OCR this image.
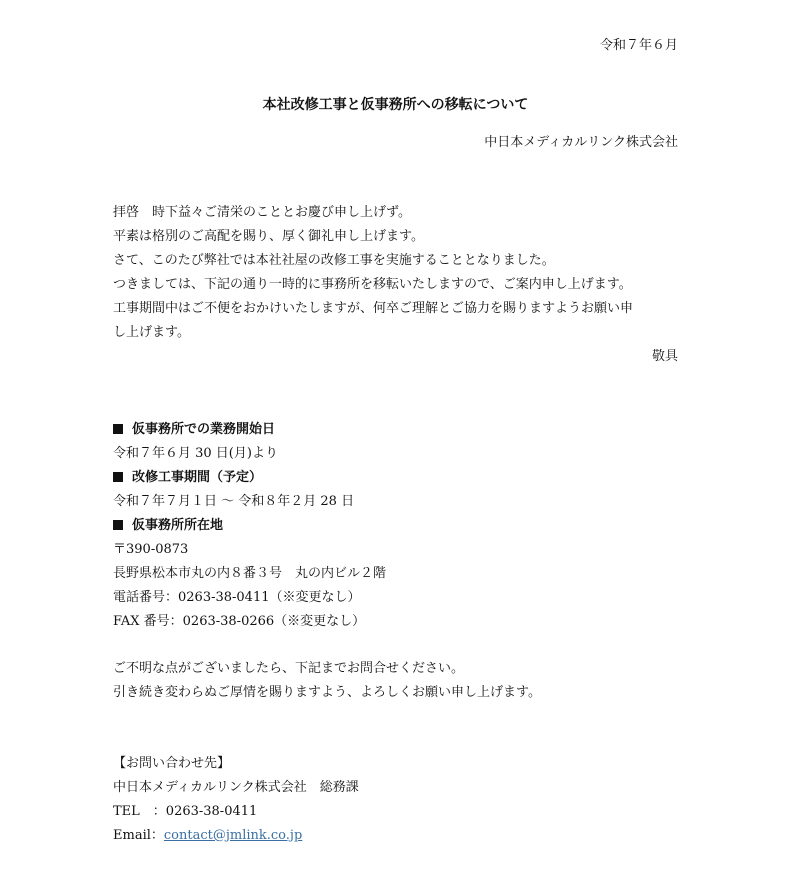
令和７年６月
本社改修工事と仮事務所への移転について
中日本メディカルリンク株式会社
拝啓　時下益々ご清栄のこととお慶び申し上げず。
平素は格別のご高配を賜り、厚く御礼申し上げます。
さて、このたび弊社では本社社屋の改修工事を実施することとなりました。
つきましては、下記の通り一時的に事務所を移転いたしますので、ご案内申し上げます。
工事期間中はご不便をおかけいたしますが、何卒ご理解とご協力を賜りますようお願い申
し上げます。
敬具
仮事務所での業務開始日
令和７年６月 30 日(月)より
改修工事期間（予定）
令和７年７月１日 ～ 令和８年２月 28 日
仮事務所所在地
〒390-0873
長野県松本市丸の内８番３号　丸の内ビル２階
電話番号：0263-38-0411（※変更なし）
FAX 番号：0263-38-0266（※変更なし）
ご不明な点がございましたら、下記までお問合せください。
引き続き変わらぬご厚情を賜りますよう、よろしくお願い申し上げます。
【お問い合わせ先】
中日本メディカルリンク株式会社　総務課
TEL　：0263-38-0411
Email：contact@jmlink.co.jp
